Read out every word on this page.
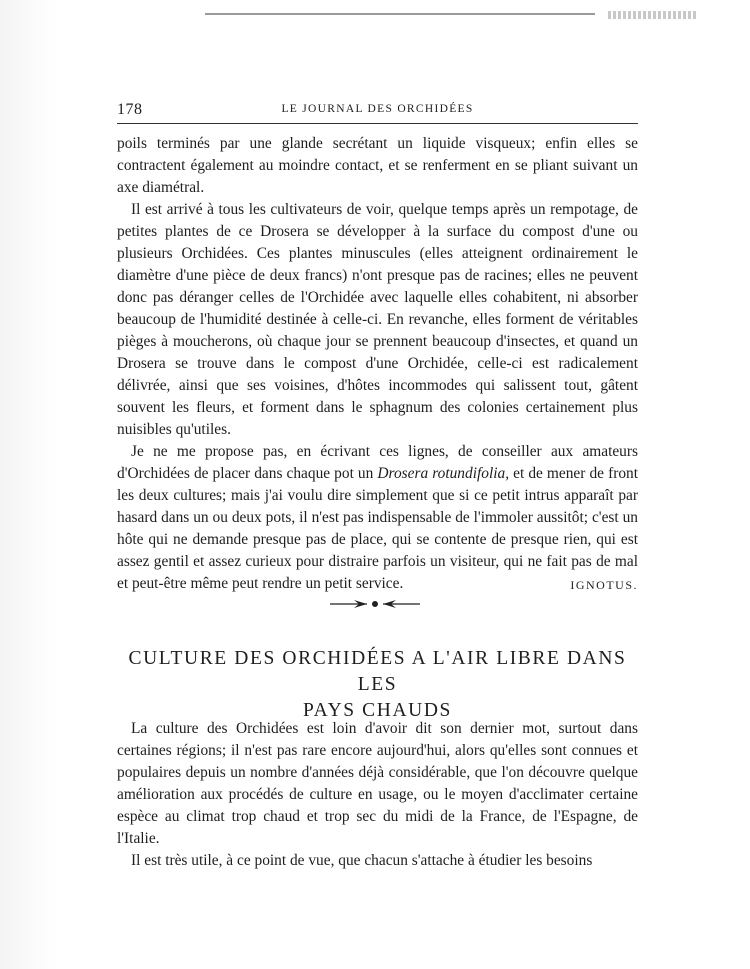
178	LE JOURNAL DES ORCHIDÉES

poils terminés par une glande secrétant un liquide visqueux; enfin elles se contractent également au moindre contact, et se renferment en se pliant suivant un axe diamétral.

Il est arrivé à tous les cultivateurs de voir, quelque temps après un rempotage, de petites plantes de ce Drosera se développer à la surface du compost d'une ou plusieurs Orchidées. Ces plantes minuscules (elles atteignent ordinairement le diamètre d'une pièce de deux francs) n'ont presque pas de racines; elles ne peuvent donc pas déranger celles de l'Orchidée avec laquelle elles cohabitent, ni absorber beaucoup de l'humidité destinée à celle-ci. En revanche, elles forment de véritables pièges à moucherons, où chaque jour se prennent beaucoup d'insectes, et quand un Drosera se trouve dans le compost d'une Orchidée, celle-ci est radicalement délivrée, ainsi que ses voisines, d'hôtes incommodes qui salissent tout, gâtent souvent les fleurs, et forment dans le sphagnum des colonies certainement plus nuisibles qu'utiles.

Je ne me propose pas, en écrivant ces lignes, de conseiller aux amateurs d'Orchidées de placer dans chaque pot un Drosera rotundifolia, et de mener de front les deux cultures; mais j'ai voulu dire simplement que si ce petit intrus apparaît par hasard dans un ou deux pots, il n'est pas indispensable de l'immoler aussitôt; c'est un hôte qui ne demande presque pas de place, qui se contente de presque rien, qui est assez gentil et assez curieux pour distraire parfois un visiteur, qui ne fait pas de mal et peut-être même peut rendre un petit service.	IGNOTUS.
CULTURE DES ORCHIDÉES A L'AIR LIBRE DANS LES
PAYS CHAUDS

La culture des Orchidées est loin d'avoir dit son dernier mot, surtout dans certaines régions; il n'est pas rare encore aujourd'hui, alors qu'elles sont connues et populaires depuis un nombre d'années déjà considérable, que l'on découvre quelque amélioration aux procédés de culture en usage, ou le moyen d'acclimater certaine espèce au climat trop chaud et trop sec du midi de la France, de l'Espagne, de l'Italie.

Il est très utile, à ce point de vue, que chacun s'attache à étudier les besoins
